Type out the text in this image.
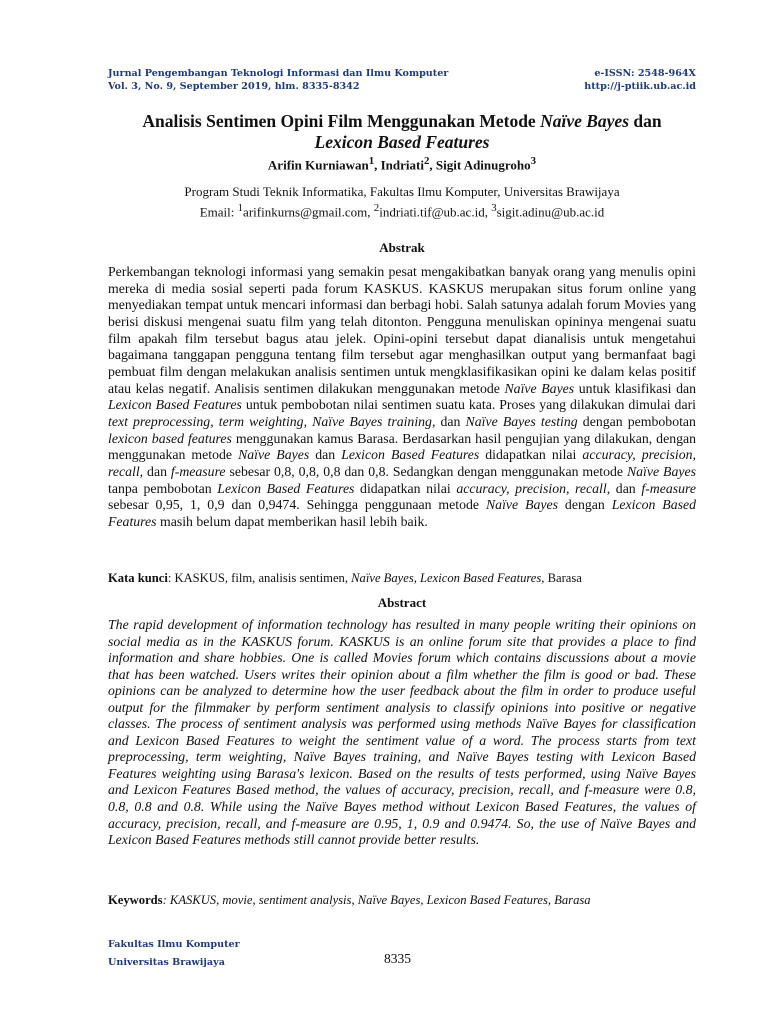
Jurnal Pengembangan Teknologi Informasi dan Ilmu Komputer
Vol. 3, No. 9, September 2019, hlm. 8335-8342
e-ISSN: 2548-964X
http://j-ptiik.ub.ac.id
Analisis Sentimen Opini Film Menggunakan Metode Naïve Bayes dan
Lexicon Based Features
Arifin Kurniawan$^1$, Indriati$^2$, Sigit Adinugroho$^3$
Program Studi Teknik Informatika, Fakultas Ilmu Komputer, Universitas Brawijaya
Email: $^1$arifinkurns@gmail.com, $^2$indriati.tif@ub.ac.id, $^3$sigit.adinu@ub.ac.id
Abstrak

Perkembangan teknologi informasi yang semakin pesat mengakibatkan banyak orang yang menulis opini mereka di media sosial seperti pada forum KASKUS. KASKUS merupakan situs forum online yang menyediakan tempat untuk mencari informasi dan berbagi hobi. Salah satunya adalah forum Movies yang berisi diskusi mengenai suatu film yang telah ditonton. Pengguna menuliskan opininya mengenai suatu film apakah film tersebut bagus atau jelek. Opini-opini tersebut dapat dianalisis untuk mengetahui bagaimana tanggapan pengguna tentang film tersebut agar menghasilkan output yang bermanfaat bagi pembuat film dengan melakukan analisis sentimen untuk mengklasifikasikan opini ke dalam kelas positif atau kelas negatif. Analisis sentimen dilakukan menggunakan metode Naïve Bayes untuk klasifikasi dan Lexicon Based Features untuk pembobotan nilai sentimen suatu kata. Proses yang dilakukan dimulai dari text preprocessing, term weighting, Naïve Bayes training, dan Naïve Bayes testing dengan pembobotan lexicon based features menggunakan kamus Barasa. Berdasarkan hasil pengujian yang dilakukan, dengan menggunakan metode Naïve Bayes dan Lexicon Based Features didapatkan nilai accuracy, precision, recall, dan f-measure sebesar 0,8, 0,8, 0,8 dan 0,8. Sedangkan dengan menggunakan metode Naïve Bayes tanpa pembobotan Lexicon Based Features didapatkan nilai accuracy, precision, recall, dan f-measure sebesar 0,95, 1, 0,9 dan 0,9474. Sehingga penggunaan metode Naïve Bayes dengan Lexicon Based Features masih belum dapat memberikan hasil lebih baik.

Kata kunci: KASKUS, film, analisis sentimen, Naïve Bayes, Lexicon Based Features, Barasa
Abstract

The rapid development of information technology has resulted in many people writing their opinions on social media as in the KASKUS forum. KASKUS is an online forum site that provides a place to find information and share hobbies. One is called Movies forum which contains discussions about a movie that has been watched. Users writes their opinion about a film whether the film is good or bad. These opinions can be analyzed to determine how the user feedback about the film in order to produce useful output for the filmmaker by perform sentiment analysis to classify opinions into positive or negative classes. The process of sentiment analysis was performed using methods Naïve Bayes for classification and Lexicon Based Features to weight the sentiment value of a word. The process starts from text preprocessing, term weighting, Naïve Bayes training, and Naïve Bayes testing with Lexicon Based Features weighting using Barasa's lexicon. Based on the results of tests performed, using Naïve Bayes and Lexicon Features Based method, the values of accuracy, precision, recall, and f-measure were 0.8, 0.8, 0.8 and 0.8. While using the Naïve Bayes method without Lexicon Based Features, the values of accuracy, precision, recall, and f-measure are 0.95, 1, 0.9 and 0.9474. So, the use of Naïve Bayes and Lexicon Based Features methods still cannot provide better results.

Keywords: KASKUS, movie, sentiment analysis, Naïve Bayes, Lexicon Based Features, Barasa
Fakultas Ilmu Komputer
Universitas Brawijaya	8335
